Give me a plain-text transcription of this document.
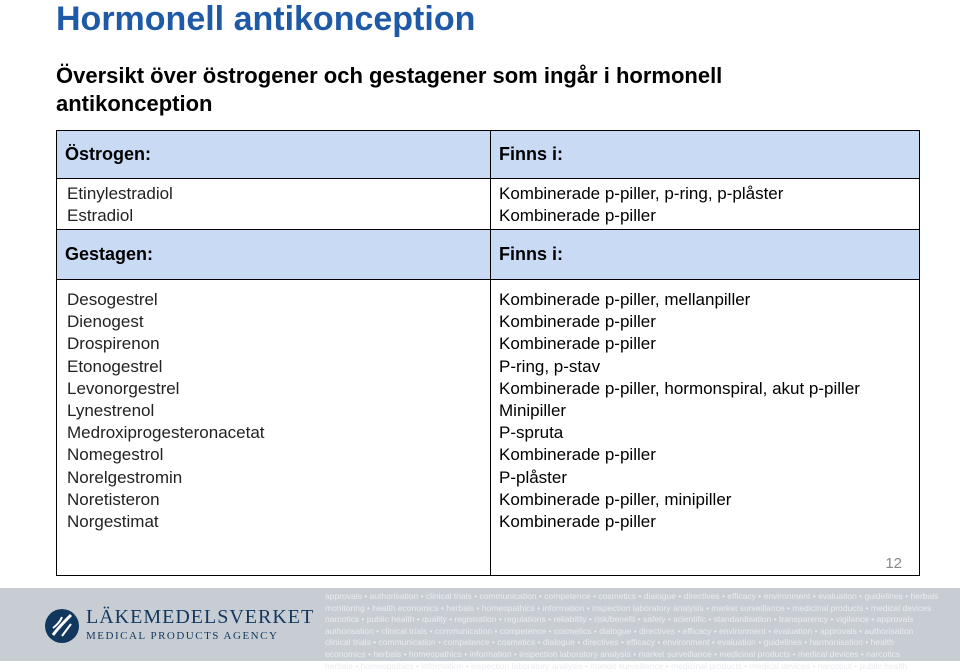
Hormonell antikonception
Översikt över östrogener och gestagener som ingår i hormonell antikonception
Östrogen:	Finns i:
Etinylestradiol
Estradiol
Kombinerade p-piller, p-ring, p-plåster
Kombinerade p-piller
Gestagen:	Finns i:
Desogestrel
Dienogest
Drospirenon
Etonogestrel
Levonorgestrel
Lynestrenol
Medroxiprogesteronacetat
Nomegestrol
Norelgestromin
Noretisteron
Norgestimat
Kombinerade p-piller, mellanpiller
Kombinerade p-piller
Kombinerade p-piller
P-ring, p-stav
Kombinerade p-piller, hormonspiral, akut p-piller
Minipiller
P-spruta
Kombinerade p-piller
P-plåster
Kombinerade p-piller, minipiller
Kombinerade p-piller
12
LÄKEMEDELSVERKET
MEDICAL PRODUCTS AGENCY
approvals • authorisation • clinical trials • communication • competence • cosmetics • dialogue • directives • efficacy • environment • evaluation • guidelines • herbals
monitoring • health economics • herbals • homeopathics • information • inspection laboratory analysis • market surveillance • medicinal products • medical devices
narcotics • public health • quality • registration • regulations • reliability • risk/benefit • safety • scientific • standardisation • transparency • vigilance • approvals
authorisation • clinical trials • communication • competence • cosmetics • dialogue • directives • efficacy • environment • evaluation • approvals • authorisation
clinical trials • communication • competence • cosmetics • dialogue • directives • efficacy • environment • evaluation • guidelines • harmonisation • health
economics • herbals • homeopathics • information • inspection laboratory analysis • market surveillance • medicinal products • medical devices • narcotics
herbals • homeopathics • information • inspection laboratory analysis • market surveillance • medicinal products • medical devices • narcotics • public health
